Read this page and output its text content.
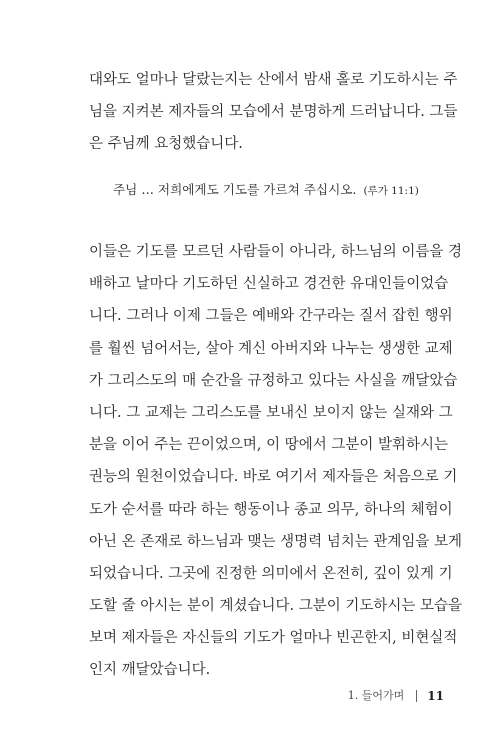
대와도 얼마나 달랐는지는 산에서 밤새 홀로 기도하시는 주
님을 지켜본 제자들의 모습에서 분명하게 드러납니다. 그들
은 주님께 요청했습니다.
주님 … 저희에게도 기도를 가르쳐 주십시오. (루가 11:1)
이들은 기도를 모르던 사람들이 아니라, 하느님의 이름을 경
배하고 날마다 기도하던 신실하고 경건한 유대인들이었습
니다. 그러나 이제 그들은 예배와 간구라는 질서 잡힌 행위
를 훨씬 넘어서는, 살아 계신 아버지와 나누는 생생한 교제
가 그리스도의 매 순간을 규정하고 있다는 사실을 깨달았습
니다. 그 교제는 그리스도를 보내신 보이지 않는 실재와 그
분을 이어 주는 끈이었으며, 이 땅에서 그분이 발휘하시는
권능의 원천이었습니다. 바로 여기서 제자들은 처음으로 기
도가 순서를 따라 하는 행동이나 종교 의무, 하나의 체험이
아닌 온 존재로 하느님과 맺는 생명력 넘치는 관계임을 보게
되었습니다. 그곳에 진정한 의미에서 온전히, 깊이 있게 기
도할 줄 아시는 분이 계셨습니다. 그분이 기도하시는 모습을
보며 제자들은 자신들의 기도가 얼마나 빈곤한지, 비현실적
인지 깨달았습니다.
1. 들어가며 11
